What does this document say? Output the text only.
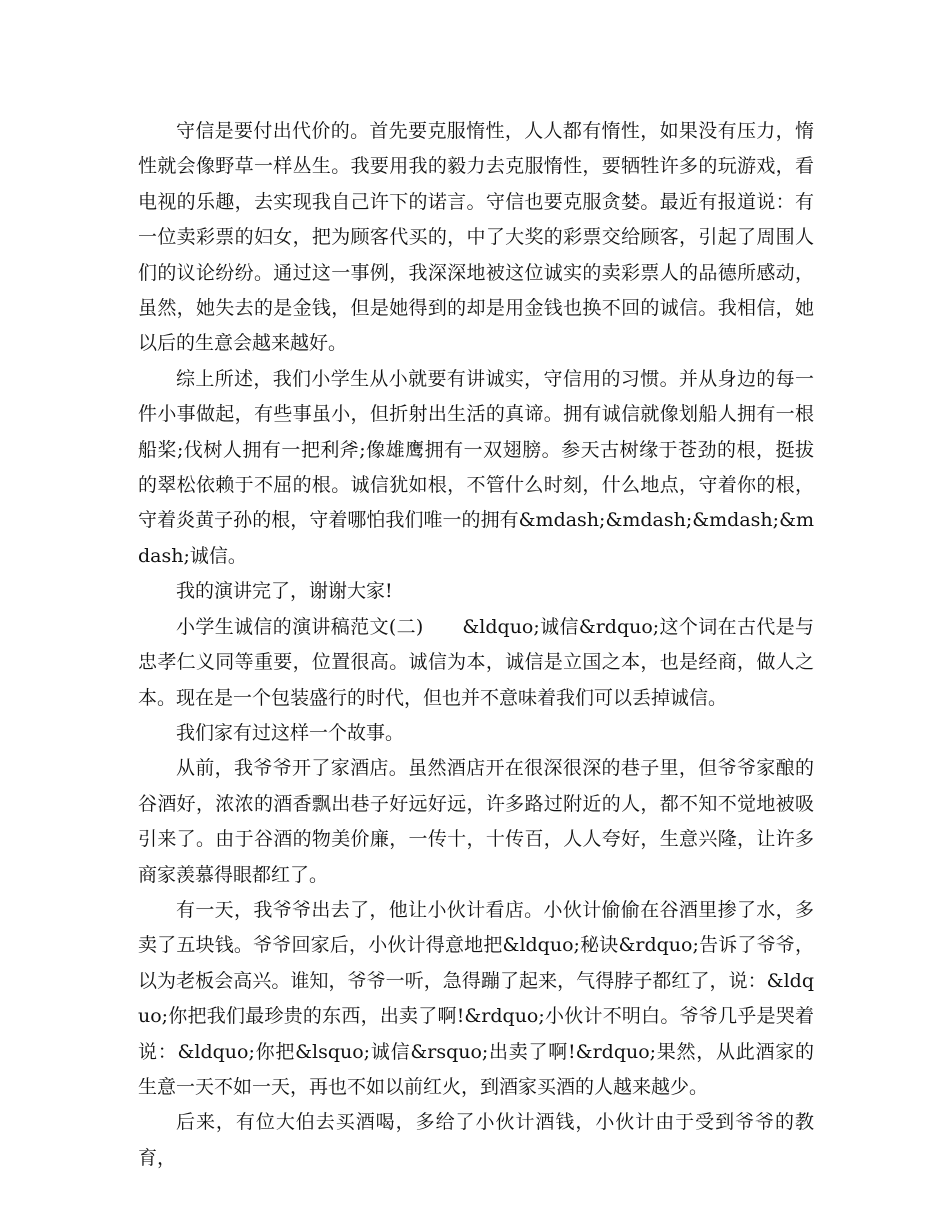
守信是要付出代价的。首先要克服惰性，人人都有惰性，如果没有压力，惰性就会像野草一样丛生。我要用我的毅力去克服惰性，要牺牲许多的玩游戏，看电视的乐趣，去实现我自己许下的诺言。守信也要克服贪婪。最近有报道说：有一位卖彩票的妇女，把为顾客代买的，中了大奖的彩票交给顾客，引起了周围人们的议论纷纷。通过这一事例，我深深地被这位诚实的卖彩票人的品德所感动，虽然，她失去的是金钱，但是她得到的却是用金钱也换不回的诚信。我相信，她以后的生意会越来越好。

综上所述，我们小学生从小就要有讲诚实，守信用的习惯。并从身边的每一件小事做起，有些事虽小，但折射出生活的真谛。拥有诚信就像划船人拥有一根船桨;伐树人拥有一把利斧;像雄鹰拥有一双翅膀。参天古树缘于苍劲的根，挺拔的翠松依赖于不屈的根。诚信犹如根，不管什么时刻，什么地点，守着你的根，守着炎黄子孙的根，守着哪怕我们唯一的拥有&mdash;&mdash;&mdash;&mdash;诚信。

我的演讲完了，谢谢大家!

小学生诚信的演讲稿范文(二)　　&ldquo;诚信&rdquo;这个词在古代是与忠孝仁义同等重要，位置很高。诚信为本，诚信是立国之本，也是经商，做人之本。现在是一个包装盛行的时代，但也并不意味着我们可以丢掉诚信。

我们家有过这样一个故事。

从前，我爷爷开了家酒店。虽然酒店开在很深很深的巷子里，但爷爷家酿的谷酒好，浓浓的酒香飘出巷子好远好远，许多路过附近的人，都不知不觉地被吸引来了。由于谷酒的物美价廉，一传十，十传百，人人夸好，生意兴隆，让许多商家羡慕得眼都红了。

有一天，我爷爷出去了，他让小伙计看店。小伙计偷偷在谷酒里掺了水，多卖了五块钱。爷爷回家后，小伙计得意地把&ldquo;秘诀&rdquo;告诉了爷爷，以为老板会高兴。谁知，爷爷一听，急得蹦了起来，气得脖子都红了，说：&ldquo;你把我们最珍贵的东西，出卖了啊!&rdquo;小伙计不明白。爷爷几乎是哭着说：&ldquo;你把&lsquo;诚信&rsquo;出卖了啊!&rdquo;果然，从此酒家的生意一天不如一天，再也不如以前红火，到酒家买酒的人越来越少。

后来，有位大伯去买酒喝，多给了小伙计酒钱，小伙计由于受到爷爷的教育，
